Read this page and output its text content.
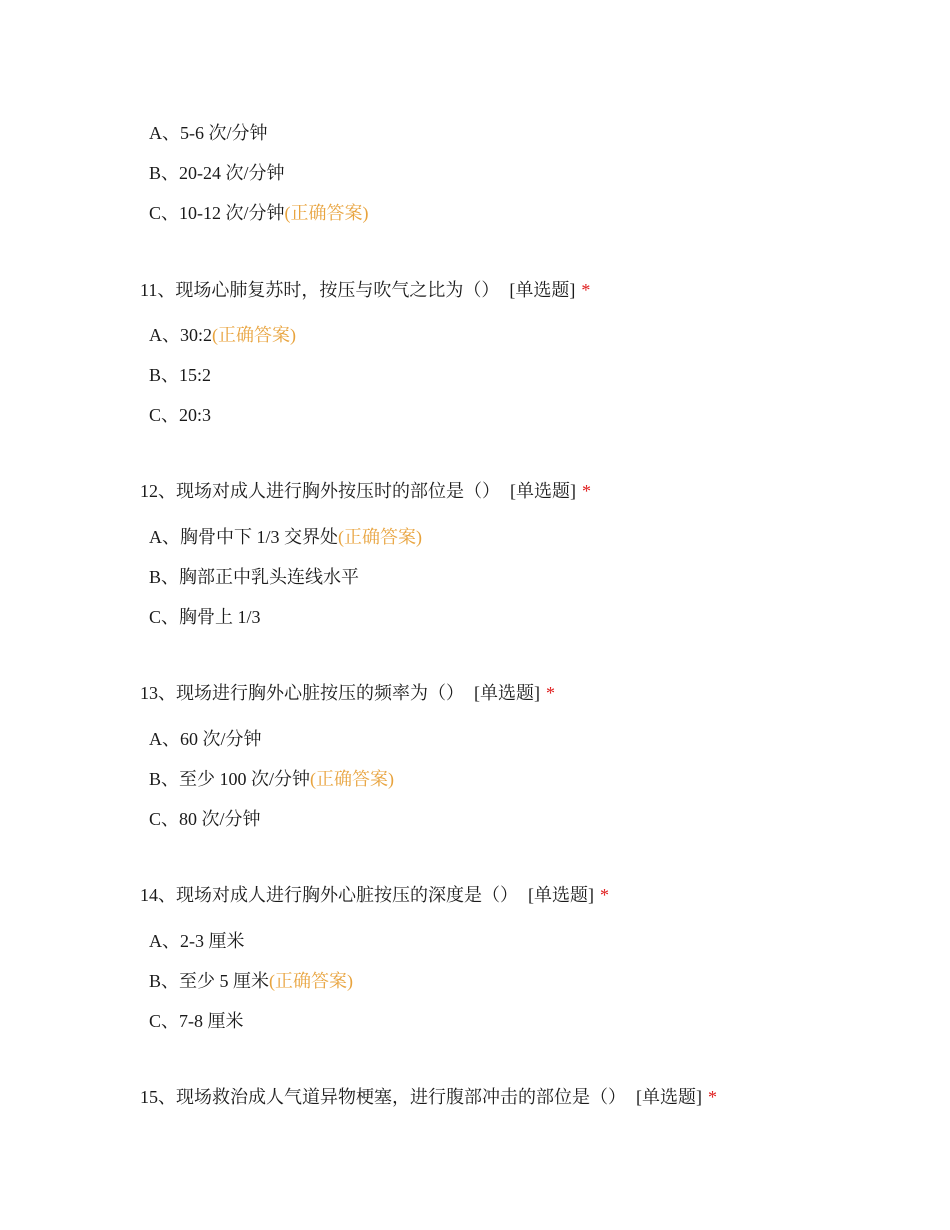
A、5-6 次/分钟
B、20-24 次/分钟
C、10-12 次/分钟(正确答案)
11、现场心肺复苏时，按压与吹气之比为（） [单选题] *
A、30:2(正确答案)
B、15:2
C、20:3
12、现场对成人进行胸外按压时的部位是（） [单选题] *
A、胸骨中下 1/3 交界处(正确答案)
B、胸部正中乳头连线水平
C、胸骨上 1/3
13、现场进行胸外心脏按压的频率为（） [单选题] *
A、60 次/分钟
B、至少 100 次/分钟(正确答案)
C、80 次/分钟
14、现场对成人进行胸外心脏按压的深度是（） [单选题] *
A、2-3 厘米
B、至少 5 厘米(正确答案)
C、7-8 厘米
15、现场救治成人气道异物梗塞，进行腹部冲击的部位是（） [单选题] *
